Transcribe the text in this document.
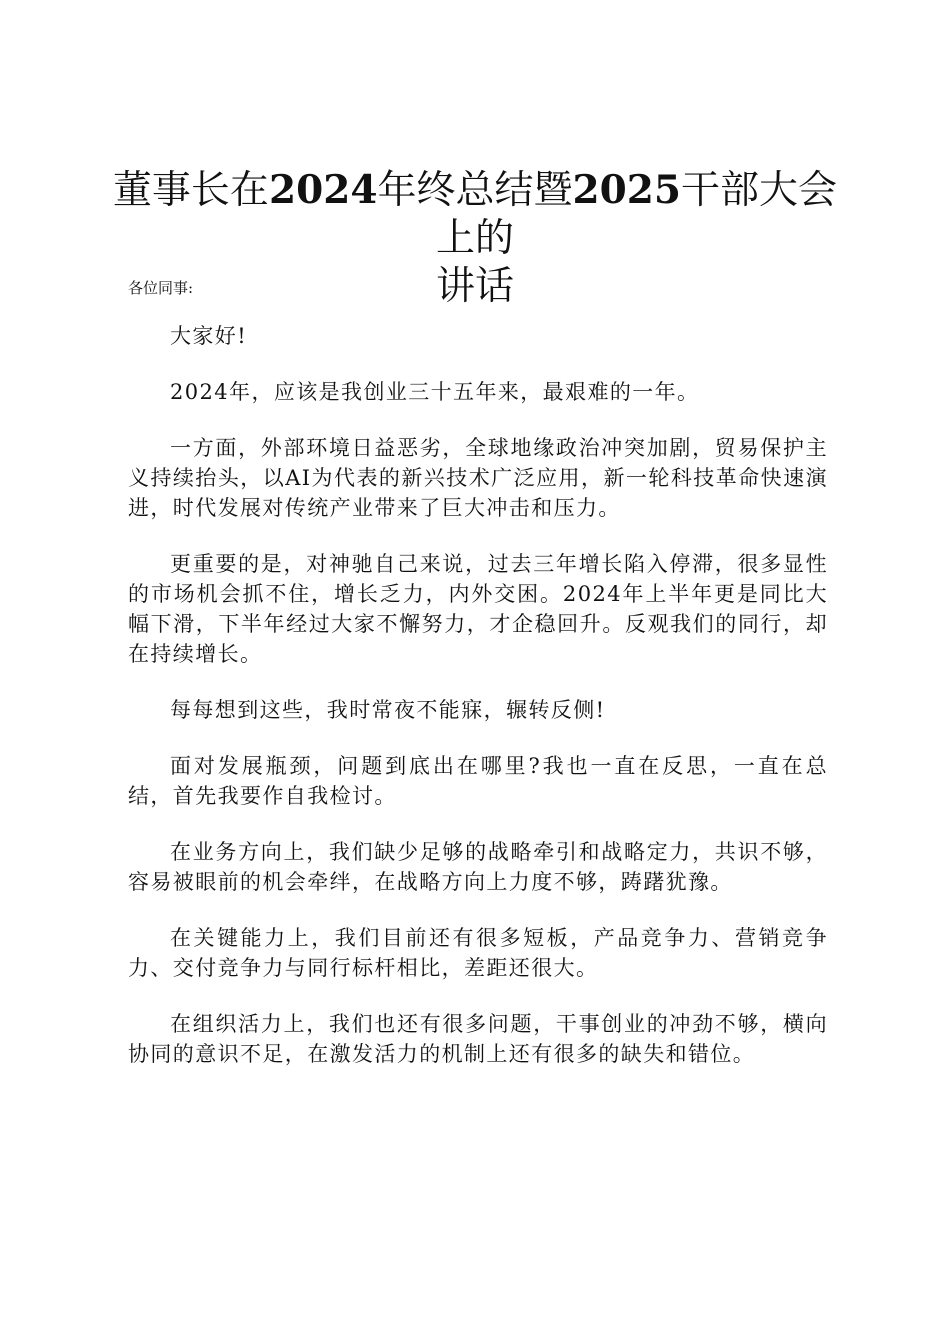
董事长在2024年终总结暨2025干部大会上的
讲话

各位同事:

大家好!

2024年，应该是我创业三十五年来，最艰难的一年。

一方面，外部环境日益恶劣，全球地缘政治冲突加剧，贸易保护主义持续抬头，以AI为代表的新兴技术广泛应用，新一轮科技革命快速演进，时代发展对传统产业带来了巨大冲击和压力。

更重要的是，对神驰自己来说，过去三年增长陷入停滞，很多显性的市场机会抓不住，增长乏力，内外交困。2024年上半年更是同比大幅下滑，下半年经过大家不懈努力，才企稳回升。反观我们的同行，却在持续增长。

每每想到这些，我时常夜不能寐，辗转反侧!

面对发展瓶颈，问题到底出在哪里?我也一直在反思，一直在总结，首先我要作自我检讨。

在业务方向上，我们缺少足够的战略牵引和战略定力，共识不够，容易被眼前的机会牵绊，在战略方向上力度不够，踌躇犹豫。

在关键能力上，我们目前还有很多短板，产品竞争力、营销竞争力、交付竞争力与同行标杆相比，差距还很大。

在组织活力上，我们也还有很多问题，干事创业的冲劲不够，横向协同的意识不足，在激发活力的机制上还有很多的缺失和错位。
